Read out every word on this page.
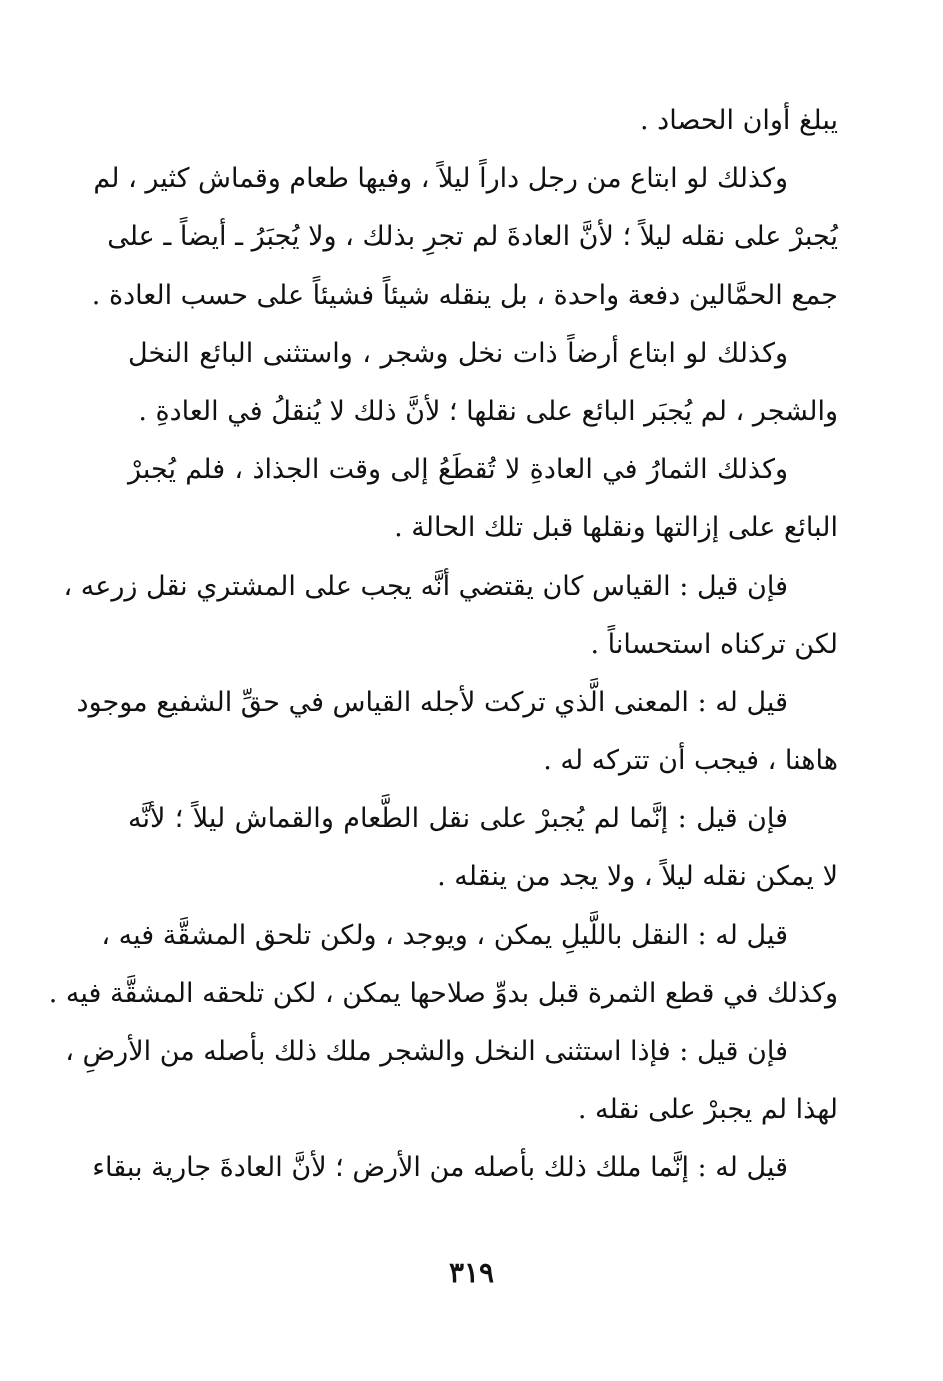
يبلغ أوان الحصاد .
وكذلك لو ابتاع من رجل داراً ليلاً ، وفيها طعام وقماش كثير ، لم
يُجبرْ على نقله ليلاً ؛ لأنَّ العادةَ لم تجرِ بذلك ، ولا يُجبَرُ ـ أيضاً ـ على
جمع الحمَّالين دفعة واحدة ، بل ينقله شيئاً فشيئاً على حسب العادة .
وكذلك لو ابتاع أرضاً ذات نخل وشجر ، واستثنى البائع النخل
والشجر ، لم يُجبَر البائع على نقلها ؛ لأنَّ ذلك لا يُنقلُ في العادةِ .
وكذلك الثمارُ في العادةِ لا تُقطَعُ إلى وقت الجذاذ ، فلم يُجبرْ
البائع على إزالتها ونقلها قبل تلك الحالة .
فإن قيل : القياس كان يقتضي أنَّه يجب على المشتري نقل زرعه ،
لكن تركناه استحساناً .
قيل له : المعنى الَّذي تركت لأجله القياس في حقِّ الشفيع موجود
هاهنا ، فيجب أن تتركه له .
فإن قيل : إنَّما لم يُجبرْ على نقل الطَّعام والقماش ليلاً ؛ لأنَّه
لا يمكن نقله ليلاً ، ولا يجد من ينقله .
قيل له : النقل باللَّيلِ يمكن ، ويوجد ، ولكن تلحق المشقَّة فيه ،
وكذلك في قطع الثمرة قبل بدوِّ صلاحها يمكن ، لكن تلحقه المشقَّة فيه .
فإن قيل : فإذا استثنى النخل والشجر ملك ذلك بأصله من الأرضِ ،
لهذا لم يجبرْ على نقله .
قيل له : إنَّما ملك ذلك بأصله من الأرض ؛ لأنَّ العادةَ جارية ببقاء
٣١٩
